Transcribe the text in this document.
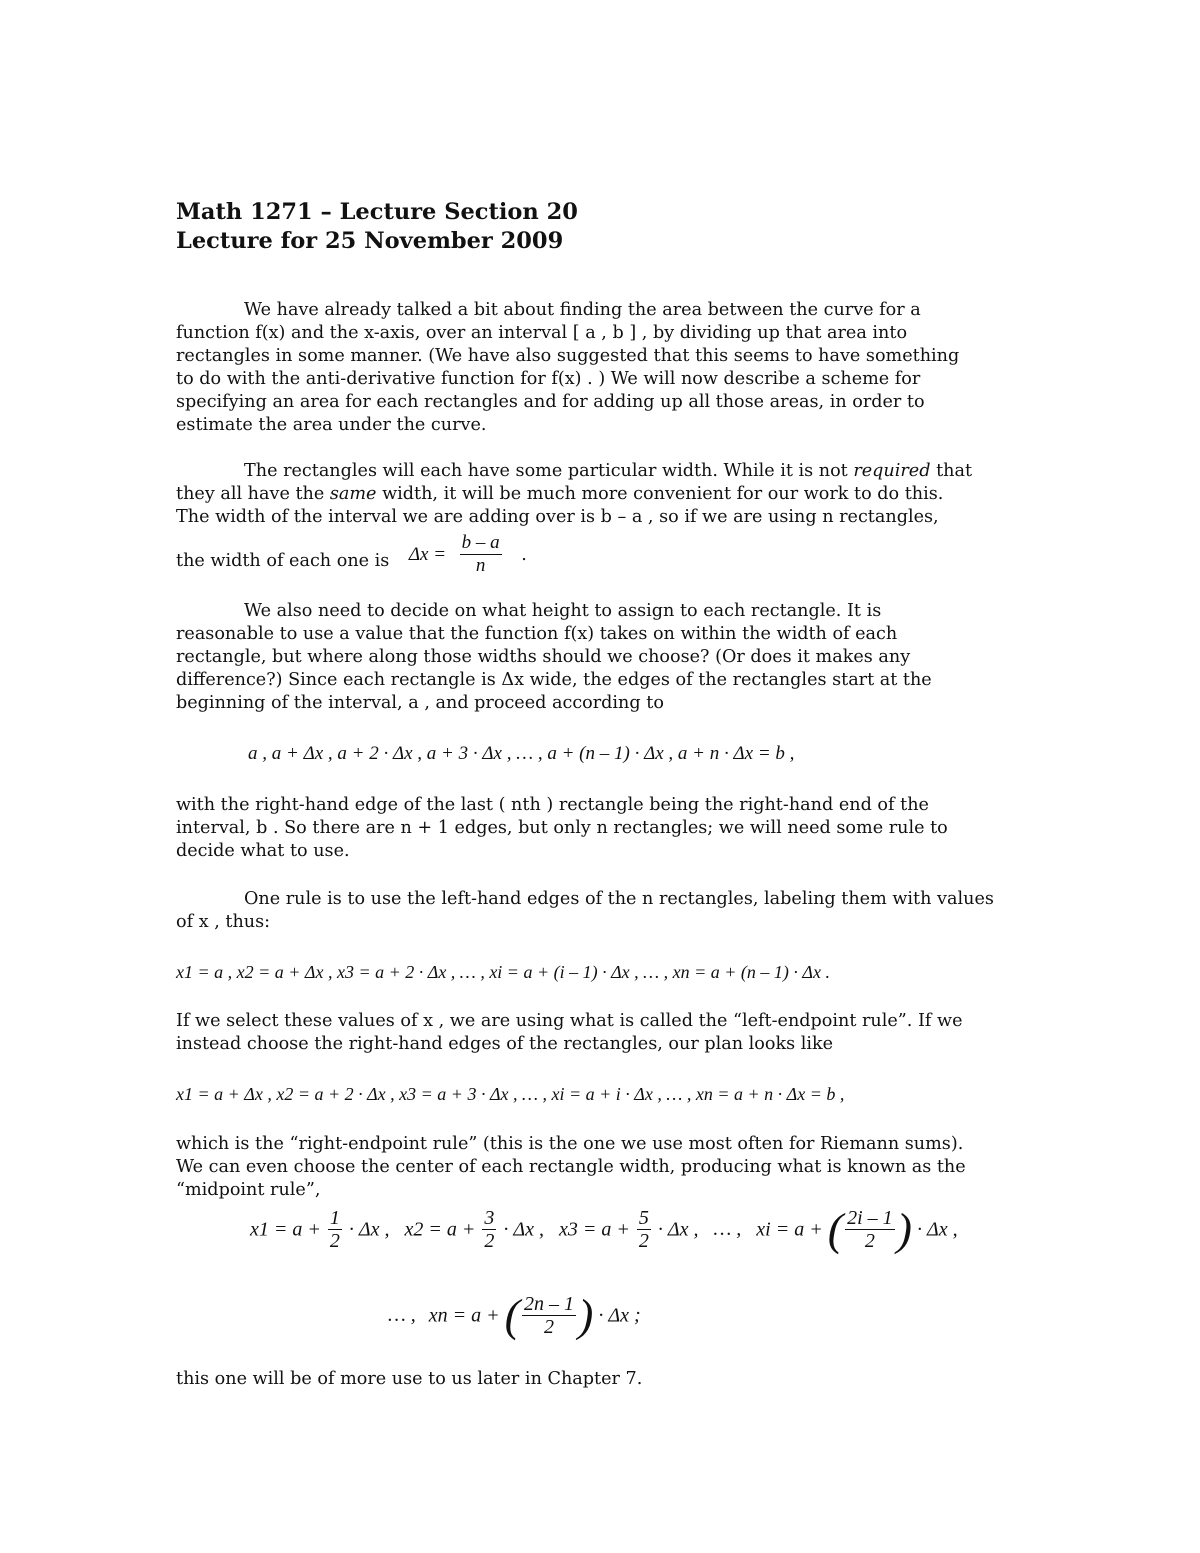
Math 1271 – Lecture Section 20
Lecture for 25 November 2009

We have already talked a bit about finding the area between the curve for a
function f(x) and the x-axis, over an interval [ a , b ] , by dividing up that area into
rectangles in some manner. (We have also suggested that this seems to have something
to do with the anti-derivative function for f(x) . ) We will now describe a scheme for
specifying an area for each rectangles and for adding up all those areas, in order to
estimate the area under the curve.

The rectangles will each have some particular width. While it is not required that
they all have the same width, it will be much more convenient for our work to do this.
The width of the interval we are adding over is b – a , so if we are using n rectangles,

the width of each one is $\Delta x = \frac{b - a}{n}$ .

We also need to decide on what height to assign to each rectangle. It is
reasonable to use a value that the function f(x) takes on within the width of each
rectangle, but where along those widths should we choose? (Or does it makes any
difference?) Since each rectangle is Δx wide, the edges of the rectangles start at the
beginning of the interval, a , and proceed according to

a , a + Δx , a + 2 · Δx , a + 3 · Δx , … , a + (n – 1) · Δx , a + n · Δx = b ,

with the right-hand edge of the last ( nth ) rectangle being the right-hand end of the
interval, b . So there are n + 1 edges, but only n rectangles; we will need some rule to
decide what to use.

One rule is to use the left-hand edges of the n rectangles, labeling them with values
of x , thus:

x1 = a , x2 = a + Δx , x3 = a + 2 · Δx , … , xi = a + (i – 1) · Δx , … , xn = a + (n – 1) · Δx .

If we select these values of x , we are using what is called the “left-endpoint rule”. If we
instead choose the right-hand edges of the rectangles, our plan looks like

x1 = a + Δx , x2 = a + 2 · Δx , x3 = a + 3 · Δx , … , xi = a + i · Δx , … , xn = a + n · Δx = b ,

which is the “right-endpoint rule” (this is the one we use most often for Riemann sums).
We can even choose the center of each rectangle width, producing what is known as the
“midpoint rule”,

$x1 = a + \frac{1}{2} \cdot \Delta x$ , $x2 = a + \frac{3}{2} \cdot \Delta x$ , $x3 = a + \frac{5}{2} \cdot \Delta x$ , … , xi = a + ( $\frac{2i - 1}{2}$ ) · Δx ,
… , xn = a + ( $\frac{2n - 1}{2}$ ) · Δx ;

this one will be of more use to us later in Chapter 7.
